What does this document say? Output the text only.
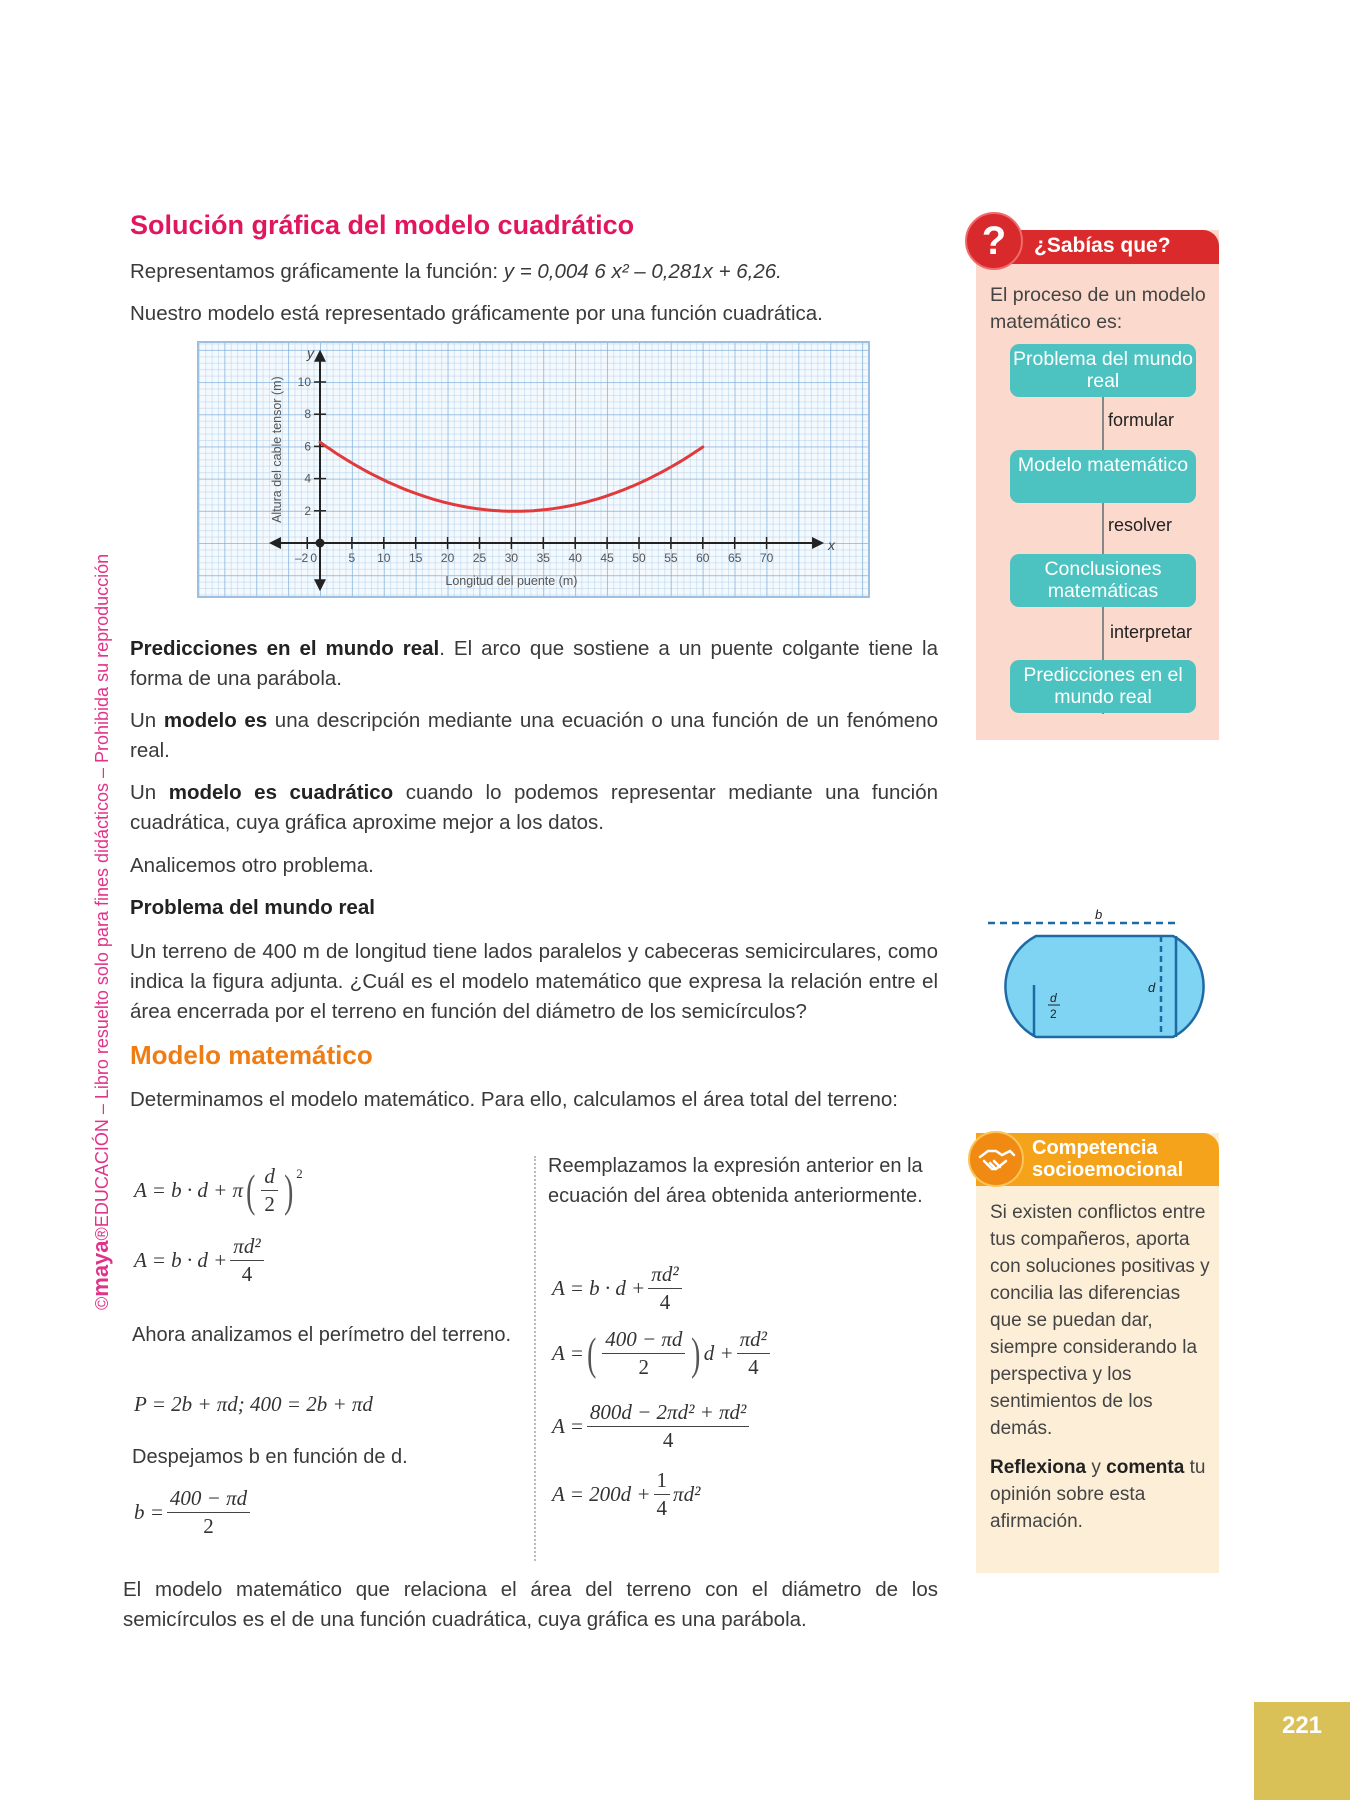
©maya®EDUCACIÓN – Libro resuelto solo para fines didácticos – Prohibida su reproducción
Solución gráfica del modelo cuadrático
Representamos gráficamente la función: y = 0,004 6 x² – 0,281x + 6,26.
Nuestro modelo está representado gráficamente por una función cuadrática.
–2 0	5 10 15 20 25 30 35 40 45 50 55 60 65 70
2
4
6
8
10
y
x
Longitud del puente (m)
Altura del cable tensor (m)
Predicciones en el mundo real. El arco que sostiene a un puente colgante tiene la forma de una parábola.
Un modelo es una descripción mediante una ecuación o una función de un fenómeno real.
Un modelo es cuadrático cuando lo podemos representar mediante una función cuadrática, cuya gráfica aproxime mejor a los datos.
Analicemos otro problema.
Problema del mundo real
Un terreno de 400 m de longitud tiene lados paralelos y cabeceras semicirculares, como indica la figura adjunta. ¿Cuál es el modelo matemático que expresa la relación entre el área encerrada por el terreno en función del diámetro de los semicírculos?
Modelo matemático
Determinamos el modelo matemático. Para ello, calculamos el área total del terreno:
A = b · d + π ( $\frac{d}{2}$ ) 2
$A = b \cdot d + \frac{\text{πd²}}{4}$
Ahora analizamos el perímetro del terreno.
P = 2b + πd; 400 = 2b + πd
Despejamos b en función de d.
$b = \frac{400 - \pi d}{2}$
Reemplazamos la expresión anterior en la ecuación del área obtenida anteriormente.
$A = b \cdot d + \frac{\text{πd²}}{4}$
A = ( $\frac{400 - \pi d}{2}$ ) $d + \frac{\text{πd²}}{4}$
$A = \frac{\text{800d − 2πd² + πd²}}{4}$
$A = 200d + \frac{1}{4} \pi d^2$
El modelo matemático que relaciona el área del terreno con el diámetro de los semicírculos es el de una función cuadrática, cuya gráfica es una parábola.
¿Sabías que?
?
El proceso de un modelo matemático es:
Problema del mundo real
formular
Modelo matemático
resolver
Conclusiones matemáticas
interpretar
Predicciones en el mundo real
b
d
d
2
Competencia
socioemocional
Si existen conflictos entre tus compañeros, aporta con soluciones positivas y concilia las diferencias que se puedan dar, siempre considerando la perspectiva y los sentimientos de los demás.
Reflexiona y comenta tu opinión sobre esta afirmación.
221
